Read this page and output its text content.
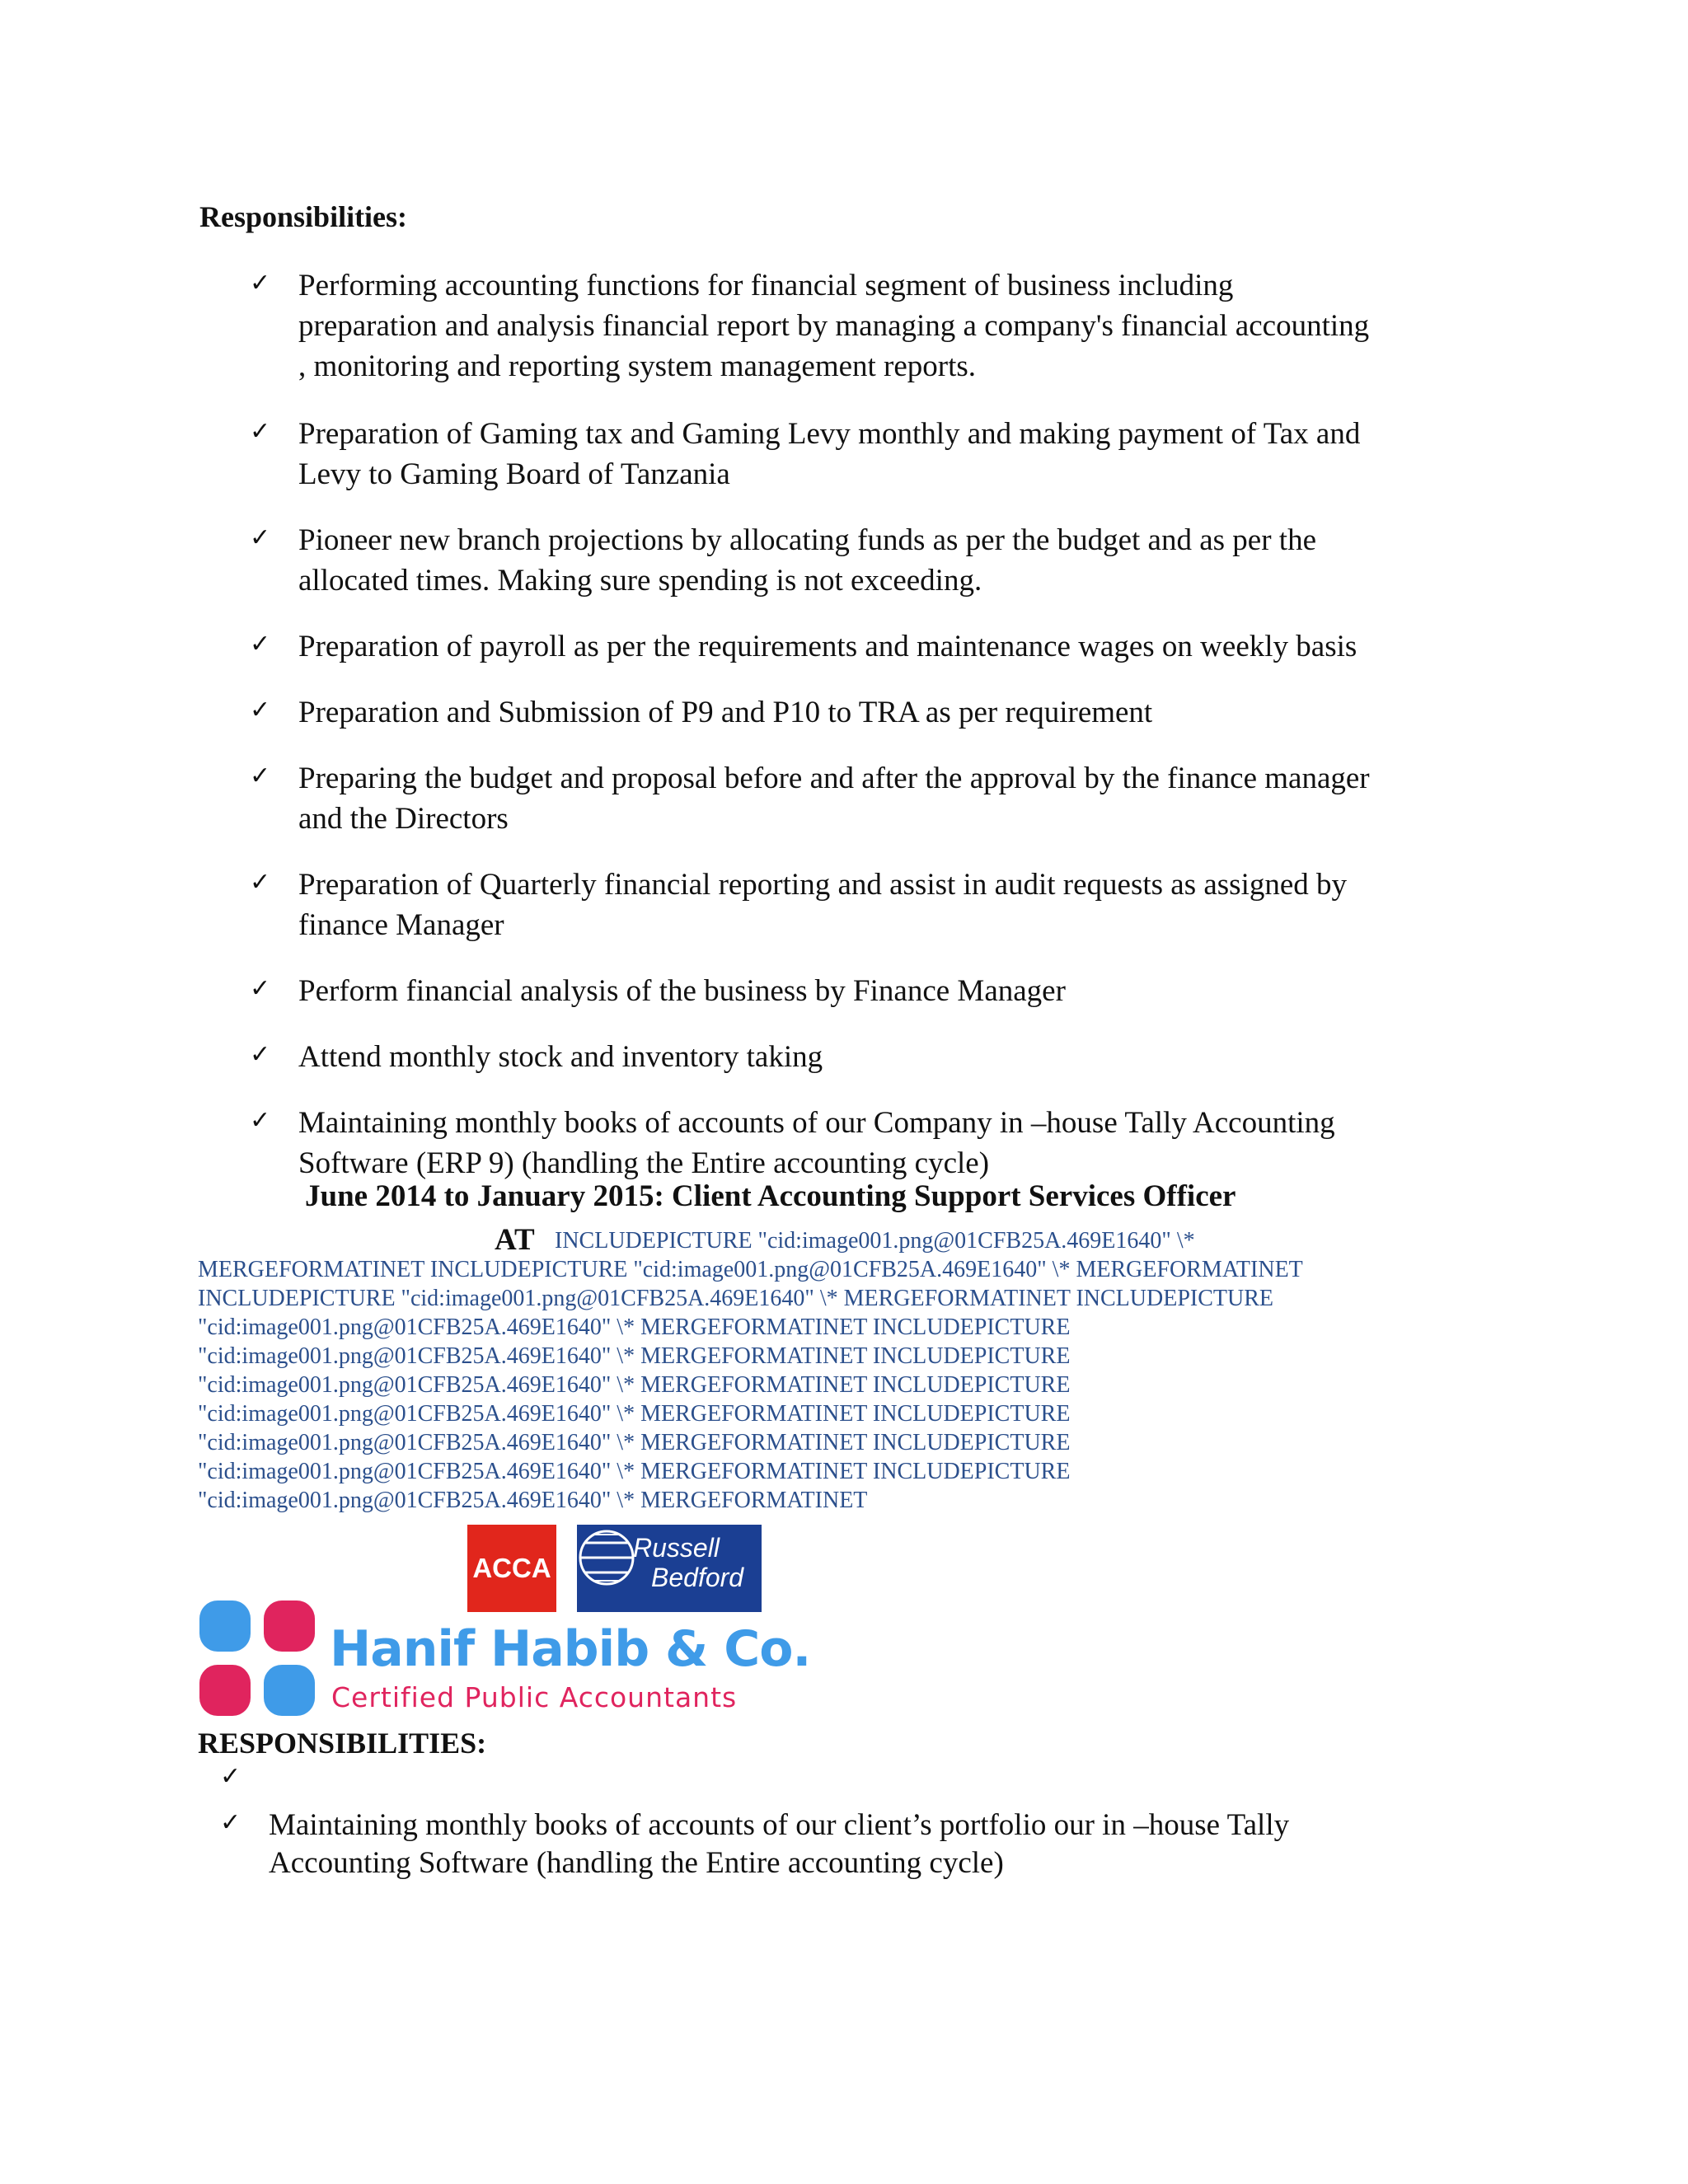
Responsibilities:
✓ Performing accounting functions for financial segment of business including
preparation and analysis financial report by managing a company's financial accounting
, monitoring and reporting system management reports.
✓ Preparation of Gaming tax and Gaming Levy monthly and making payment of Tax and
Levy to Gaming Board of Tanzania
✓ Pioneer new branch projections by allocating funds as per the budget and as per the
allocated times. Making sure spending is not exceeding.
✓ Preparation of payroll as per the requirements and maintenance wages on weekly basis
✓ Preparation and Submission of P9 and P10 to TRA as per requirement
✓ Preparing the budget and proposal before and after the approval by the finance manager
and the Directors
✓ Preparation of Quarterly financial reporting and assist in audit requests as assigned by
finance Manager
✓ Perform financial analysis of the business by Finance Manager
✓ Attend monthly stock and inventory taking
✓ Maintaining monthly books of accounts of our Company in –house Tally Accounting
Software (ERP 9) (handling the Entire accounting cycle)
June 2014 to January 2015: Client Accounting Support Services Officer
AT INCLUDEPICTURE "cid:image001.png@01CFB25A.469E1640" \*
MERGEFORMATINET INCLUDEPICTURE "cid:image001.png@01CFB25A.469E1640" \* MERGEFORMATINET
INCLUDEPICTURE "cid:image001.png@01CFB25A.469E1640" \* MERGEFORMATINET INCLUDEPICTURE
"cid:image001.png@01CFB25A.469E1640" \* MERGEFORMATINET INCLUDEPICTURE
"cid:image001.png@01CFB25A.469E1640" \* MERGEFORMATINET INCLUDEPICTURE
"cid:image001.png@01CFB25A.469E1640" \* MERGEFORMATINET INCLUDEPICTURE
"cid:image001.png@01CFB25A.469E1640" \* MERGEFORMATINET INCLUDEPICTURE
"cid:image001.png@01CFB25A.469E1640" \* MERGEFORMATINET INCLUDEPICTURE
"cid:image001.png@01CFB25A.469E1640" \* MERGEFORMATINET INCLUDEPICTURE
"cid:image001.png@01CFB25A.469E1640" \* MERGEFORMATINET
ACCA
Russell
Bedford
Hanif Habib & Co.
Certified Public Accountants
RESPONSIBILITIES:
✓
✓ Maintaining monthly books of accounts of our client’s portfolio our in –house Tally
Accounting Software (handling the Entire accounting cycle)
